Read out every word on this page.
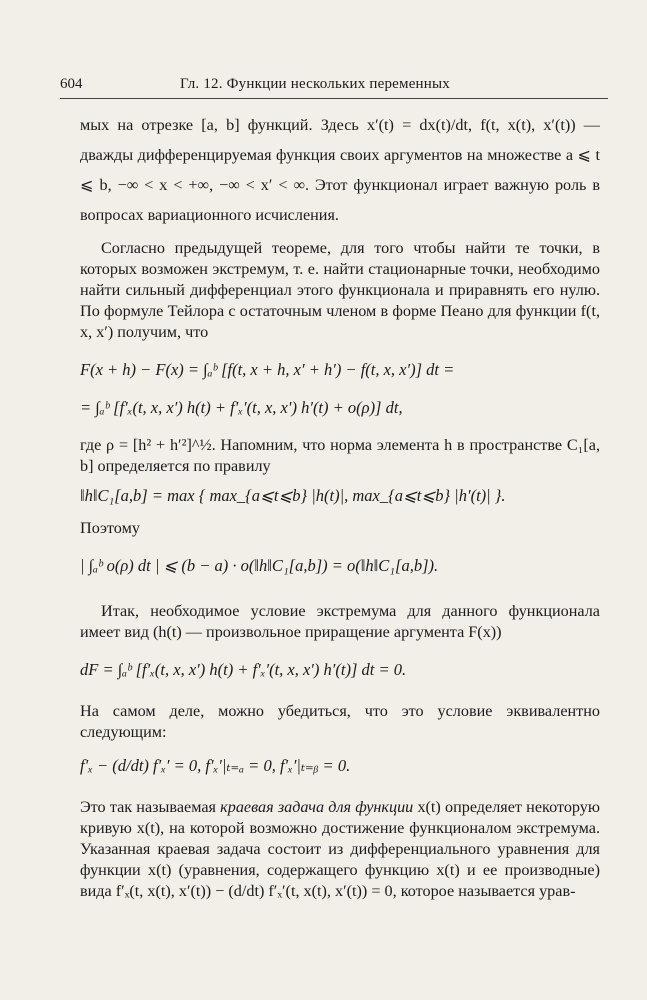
604	Гл. 12. Функции нескольких переменных

мых на отрезке [a, b] функций. Здесь x′(t) = dx(t)/dt, f(t, x(t), x′(t)) — дважды дифференцируемая функция своих аргументов на множестве a ⩽ t ⩽ b, −∞ < x < +∞, −∞ < x′ < ∞. Этот функционал играет важную роль в вопросах вариационного исчисления.

Согласно предыдущей теореме, для того чтобы найти те точки, в которых возможен экстремум, т. е. найти стационарные точки, необходимо найти сильный дифференциал этого функционала и приравнять его нулю. По формуле Тейлора с остаточным членом в форме Пеано для функции f(t, x, x′) получим, что

F(x + h) − F(x) = ∫ₐᵇ [f(t, x + h, x′ + h′) − f(t, x, x′)] dt =

= ∫ₐᵇ [f′ₓ(t, x, x′) h(t) + f′ₓ′(t, x, x′) h′(t) + o(ρ)] dt,

где ρ = [h² + h′²]^½. Напомним, что норма элемента h в пространстве C₁[a, b] определяется по правилу

‖h‖C₁[a,b] = max { max_{a⩽t⩽b} |h(t)|, max_{a⩽t⩽b} |h′(t)| }.

Поэтому

| ∫ₐᵇ o(ρ) dt | ⩽ (b − a) · o(‖h‖C₁[a,b]) = o(‖h‖C₁[a,b]).

Итак, необходимое условие экстремума для данного функционала имеет вид (h(t) — произвольное приращение аргумента F(x))

dF = ∫ₐᵇ [f′ₓ(t, x, x′) h(t) + f′ₓ′(t, x, x′) h′(t)] dt = 0.

На самом деле, можно убедиться, что это условие эквивалентно следующим:

f′ₓ − (d/dt) f′ₓ′ = 0, f′ₓ′|ₜ₌ₐ = 0, f′ₓ′|ₜ₌ᵦ = 0.

Это так называемая краевая задача для функции x(t) определяет некоторую кривую x(t), на которой возможно достижение функционалом экстремума. Указанная краевая задача состоит из дифференциального уравнения для функции x(t) (уравнения, содержащего функцию x(t) и ее производные) вида f′ₓ(t, x(t), x′(t)) − (d/dt) f′ₓ′(t, x(t), x′(t)) = 0, которое называется урав-
